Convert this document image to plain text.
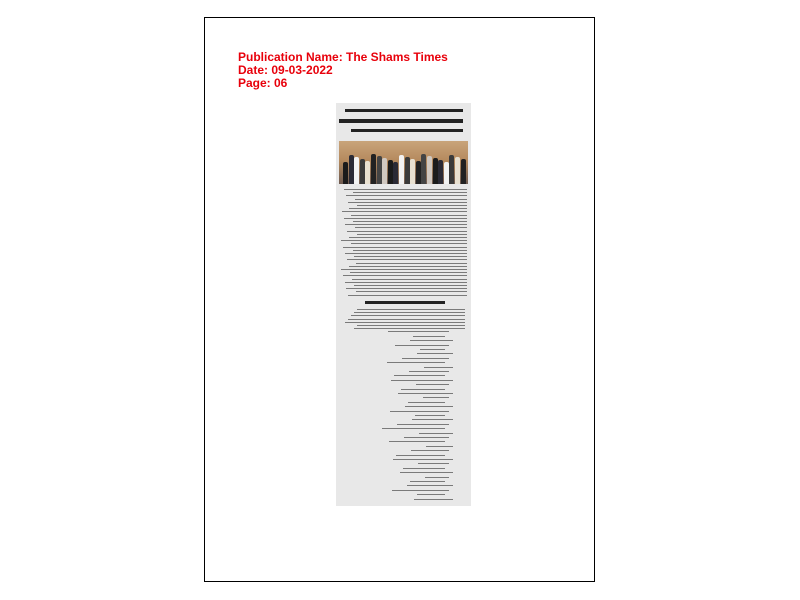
Publication Name: The Shams Times
Date: 09-03-2022
Page: 06
